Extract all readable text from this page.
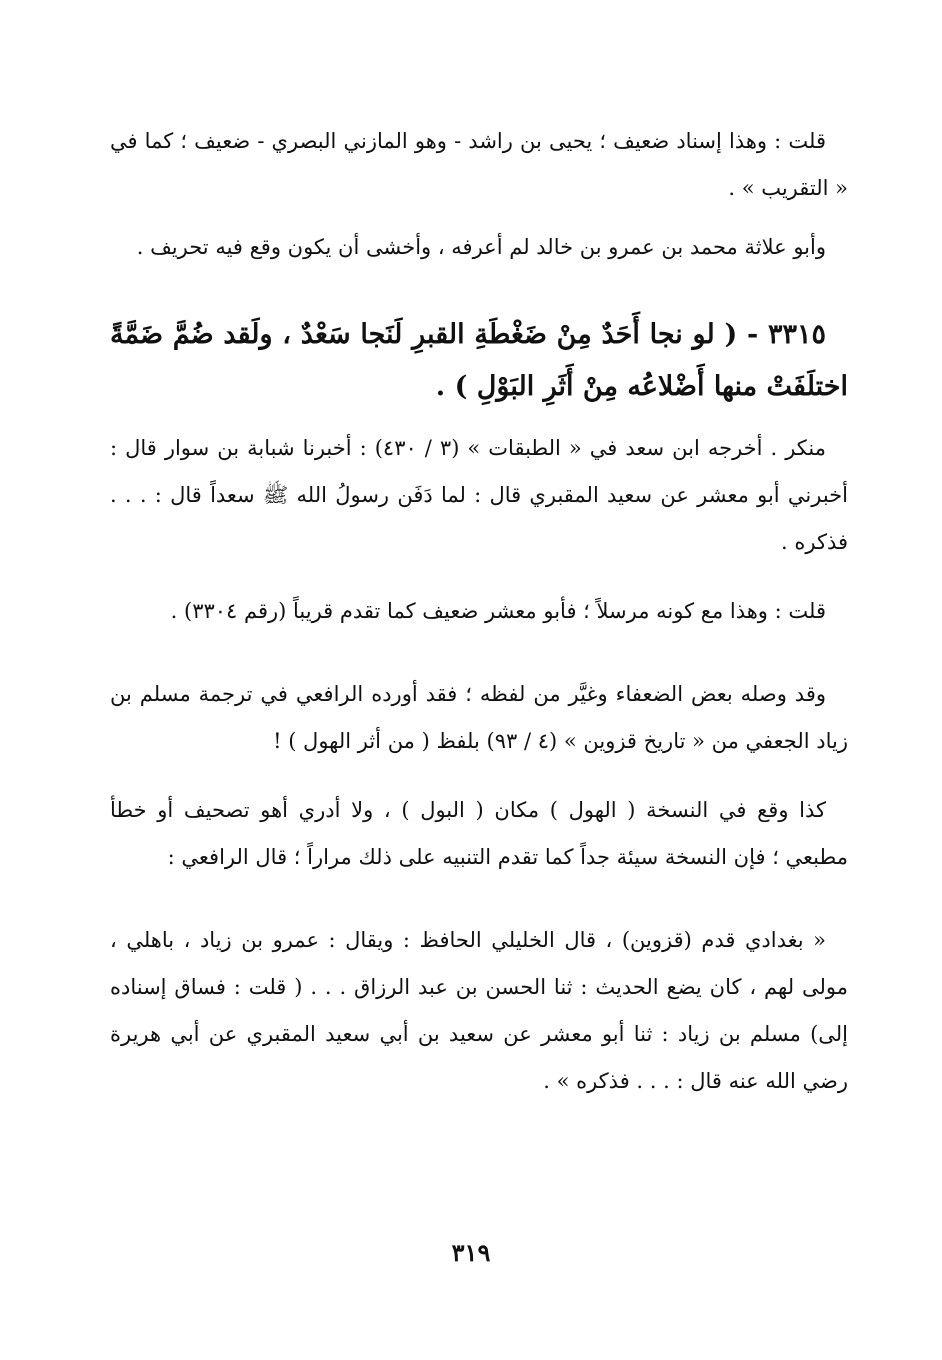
قلت : وهذا إسناد ضعيف ؛ يحيى بن راشد - وهو المازني البصري - ضعيف ؛ كما في « التقريب » .

وأبو علاثة محمد بن عمرو بن خالد لم أعرفه ، وأخشى أن يكون وقع فيه تحريف .

٣٣١٥ - ( لو نجا أَحَدٌ مِنْ ضَغْطَةِ القبرِ لَنَجا سَعْدٌ ، ولَقد ضُمَّ ضَمَّةً اختلَفَتْ منها أَضْلاعُه مِنْ أَثَرِ البَوْلِ ) .

منكر . أخرجه ابن سعد في « الطبقات » (٣ / ٤٣٠) : أخبرنا شبابة بن سوار قال : أخبرني أبو معشر عن سعيد المقبري قال : لما دَفَن رسولُ الله ﷺ سعداً قال : . . . فذكره .

قلت : وهذا مع كونه مرسلاً ؛ فأبو معشر ضعيف كما تقدم قريباً (رقم ٣٣٠٤) .

وقد وصله بعض الضعفاء وغيَّر من لفظه ؛ فقد أورده الرافعي في ترجمة مسلم بن زياد الجعفي من « تاريخ قزوين » (٤ / ٩٣) بلفظ ( من أثر الهول ) !

كذا وقع في النسخة ( الهول ) مكان ( البول ) ، ولا أدري أهو تصحيف أو خطأ مطبعي ؛ فإن النسخة سيئة جداً كما تقدم التنبيه على ذلك مراراً ؛ قال الرافعي :

« بغدادي قدم (قزوين) ، قال الخليلي الحافظ : ويقال : عمرو بن زياد ، باهلي ، مولى لهم ، كان يضع الحديث : ثنا الحسن بن عبد الرزاق . . . ( قلت : فساق إسناده إلى) مسلم بن زياد : ثنا أبو معشر عن سعيد بن أبي سعيد المقبري عن أبي هريرة رضي الله عنه قال : . . . فذكره » .

٣١٩
